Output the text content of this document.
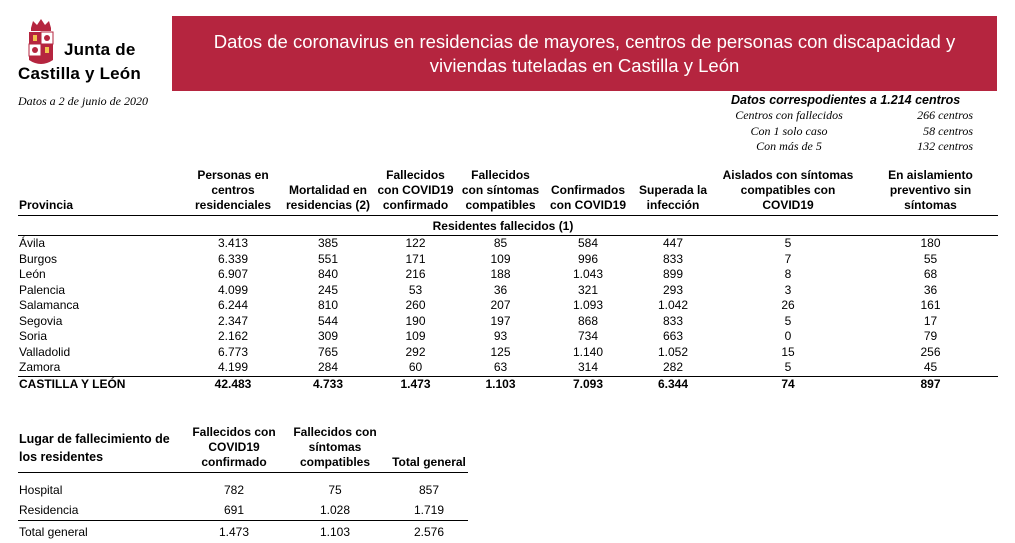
Junta de
Castilla y León
Datos a 2 de junio de 2020
Datos de coronavirus en residencias de mayores, centros de personas con discapacidad y viviendas tuteladas en Castilla y León
Datos correspodientes a 1.214 centros
Centros con fallecidos	266 centros
Con 1 solo caso	58 centros
Con más de 5	132 centros
Provincia	Personas en centros residenciales	Mortalidad en residencias (2)	Fallecidos con COVID19 confirmado	Fallecidos con síntomas compatibles	Confirmados con COVID19	Superada la infección	Aislados con síntomas compatibles con COVID19	En aislamiento preventivo sin síntomas
			Residentes fallecidos (1)					
Ávila	3.413	385	122	85	584	447	5	180
Burgos	6.339	551	171	109	996	833	7	55
León	6.907	840	216	188	1.043	899	8	68
Palencia	4.099	245	53	36	321	293	3	36
Salamanca	6.244	810	260	207	1.093	1.042	26	161
Segovia	2.347	544	190	197	868	833	5	17
Soria	2.162	309	109	93	734	663	0	79
Valladolid	6.773	765	292	125	1.140	1.052	15	256
Zamora	4.199	284	60	63	314	282	5	45
CASTILLA Y LEÓN	42.483	4.733	1.473	1.103	7.093	6.344	74	897
Lugar de fallecimiento de los residentes	Fallecidos con COVID19 confirmado	Fallecidos con síntomas compatibles	Total general

Hospital	782	75	857
Residencia	691	1.028	1.719
Total general	1.473	1.103	2.576
